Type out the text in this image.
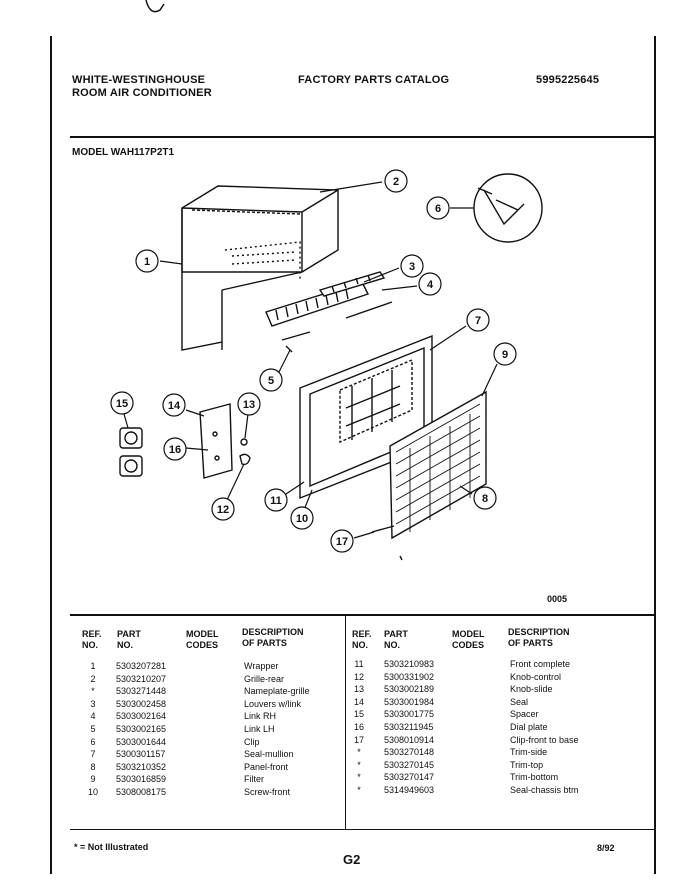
WHITE-WESTINGHOUSE
ROOM AIR CONDITIONER
FACTORY PARTS CATALOG	5995225645
MODEL WAH117P2T1
1
2
3
4
5
6
7
8
9
11
12
13
14
15
16
17
10
0005
REF.
NO.
PART
NO.
MODEL
CODES
DESCRIPTION
OF PARTS
REF.
NO.
PART
NO.
MODEL
CODES
DESCRIPTION
OF PARTS
1	5303207281	Wrapper
2	5303210207	Grille-rear
*	5303271448	Nameplate-grille
3	5303002458	Louvers w/link
4	5303002164	Link RH
5	5303002165	Link LH
6	5303001644	Clip
7	5300301157	Seal-mullion
8	5303210352	Panel-front
9	5303016859	Filter
10 5308008175	Screw-front
11 5303210983	Front complete
12 5300331902	Knob-control
13 5303002189	Knob-slide
14 5303001984	Seal
15 5303001775	Spacer
16 5303211945	Dial plate
17 5308010914	Clip-front to base
*	5303270148	Trim-side
*	5303270145	Trim-top
*	5303270147	Trim-bottom
*	5314949603	Seal-chassis btm
* = Not Illustrated
G2
8/92
